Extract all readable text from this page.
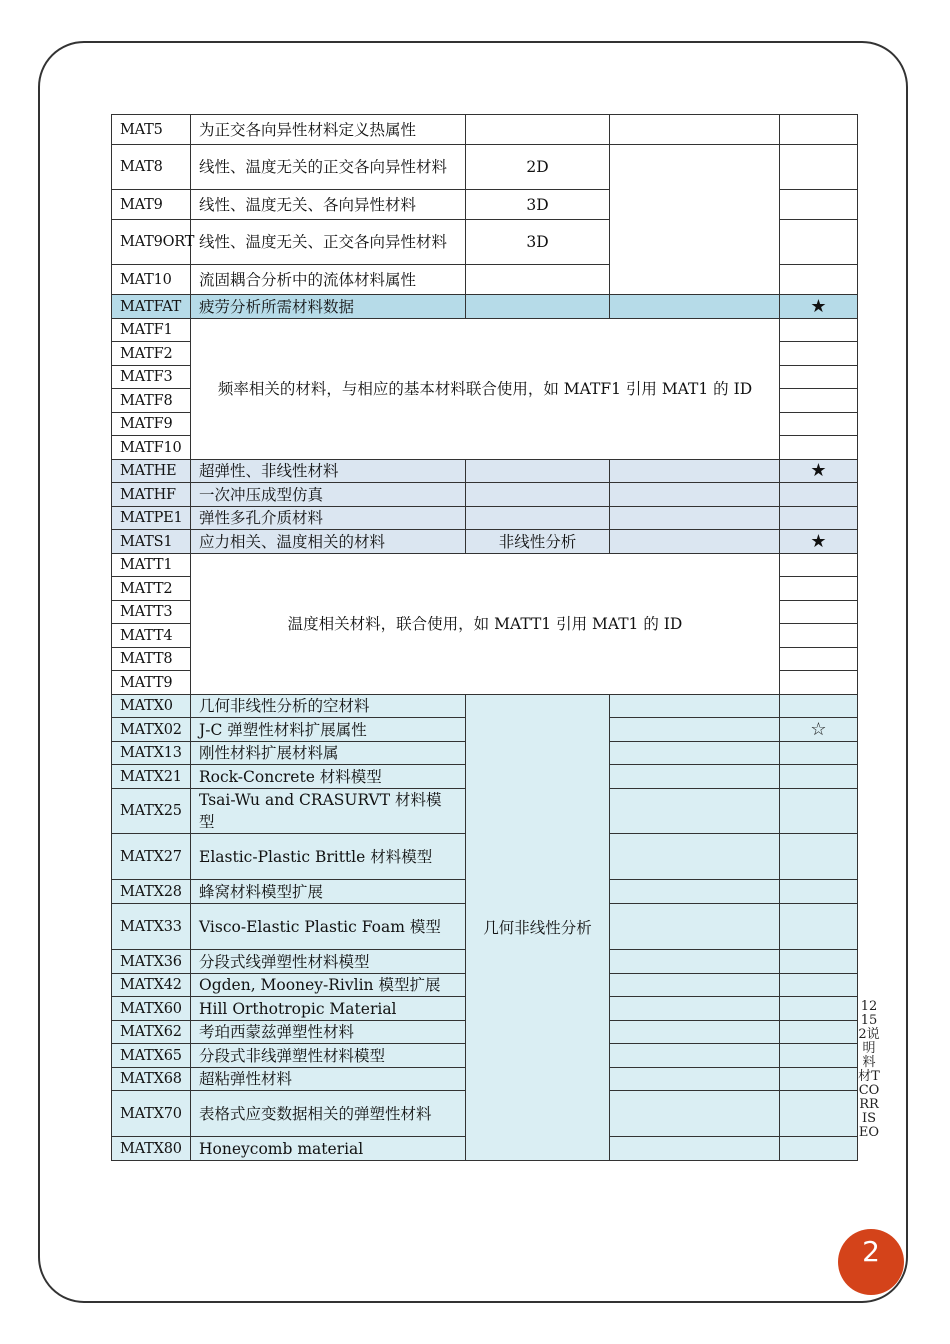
MAT5	为正交各向异性材料定义热属性			
MAT8	线性、温度无关的正交各向异性材料	2D		
MAT9	线性、温度无关、各向异性材料	3D		
MAT9ORT	线性、温度无关、正交各向异性材料	3D		
MAT10	流固耦合分析中的流体材料属性			
MATFAT	疲劳分析所需材料数据			★
MATF1	频率相关的材料，与相应的基本材料联合使用，如 MATF1 引用 MAT1 的 ID			
MATF2				
MATF3				
MATF8				
MATF9				
MATF10				
MATHE	超弹性、非线性材料			★
MATHF	一次冲压成型仿真			
MATPE1	弹性多孔介质材料			
MATS1	应力相关、温度相关的材料	非线性分析		★
MATT1	温度相关材料，联合使用，如 MATT1 引用 MAT1 的 ID			
MATT2				
MATT3				
MATT4				
MATT8				
MATT9				
MATX0	几何非线性分析的空材料	几何非线性分析		
MATX02	J-C 弹塑性材料扩展属性			☆
MATX13	刚性材料扩展材料属			
MATX21	Rock-Concrete 材料模型			
MATX25	Tsai-Wu and CRASURVT 材料模型			
MATX27	Elastic-Plastic Brittle 材料模型			
MATX28	蜂窝材料模型扩展			
MATX33	Visco-Elastic Plastic Foam 模型			
MATX36	分段式线弹塑性材料模型			
MATX42	Ogden, Mooney-Rivlin 模型扩展			
MATX60	Hill Orthotropic Material			
MATX62	考珀西蒙兹弹塑性材料			
MATX65	分段式非线弹塑性材料模型			
MATX68	超粘弹性材料			
MATX70	表格式应变数据相关的弹塑性材料			
MATX80	Honeycomb material			
12152说明料材TCORRISEO
2
